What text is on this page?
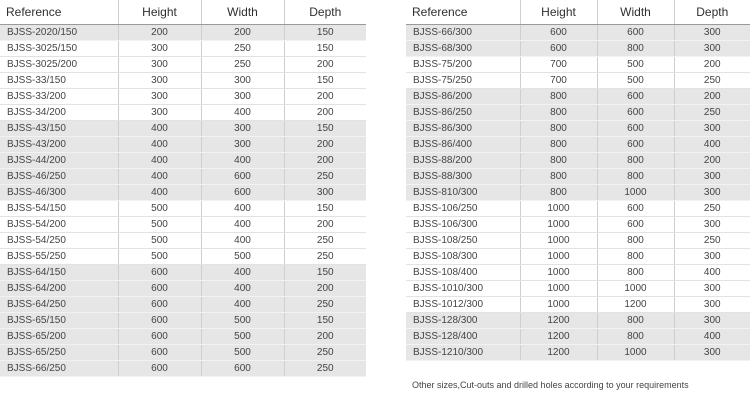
Reference	Height	Width	Depth
BJSS-2020/150	200	200	150
BJSS-3025/150	300	250	150
BJSS-3025/200	300	250	200
BJSS-33/150	300	300	150
BJSS-33/200	300	300	200
BJSS-34/200	300	400	200
BJSS-43/150	400	300	150
BJSS-43/200	400	300	200
BJSS-44/200	400	400	200
BJSS-46/250	400	600	250
BJSS-46/300	400	600	300
BJSS-54/150	500	400	150
BJSS-54/200	500	400	200
BJSS-54/250	500	400	250
BJSS-55/250	500	500	250
BJSS-64/150	600	400	150
BJSS-64/200	600	400	200
BJSS-64/250	600	400	250
BJSS-65/150	600	500	150
BJSS-65/200	600	500	200
BJSS-65/250	600	500	250
BJSS-66/250	600	600	250
Reference	Height	Width	Depth
BJSS-66/300	600	600	300
BJSS-68/300	600	800	300
BJSS-75/200	700	500	200
BJSS-75/250	700	500	250
BJSS-86/200	800	600	200
BJSS-86/250	800	600	250
BJSS-86/300	800	600	300
BJSS-86/400	800	600	400
BJSS-88/200	800	800	200
BJSS-88/300	800	800	300
BJSS-810/300	800	1000	300
BJSS-106/250	1000	600	250
BJSS-106/300	1000	600	300
BJSS-108/250	1000	800	250
BJSS-108/300	1000	800	300
BJSS-108/400	1000	800	400
BJSS-1010/300	1000	1000	300
BJSS-1012/300	1000	1200	300
BJSS-128/300	1200	800	300
BJSS-128/400	1200	800	400
BJSS-1210/300	1200	1000	300
Other sizes,Cut-outs and drilled holes according to your requirements
